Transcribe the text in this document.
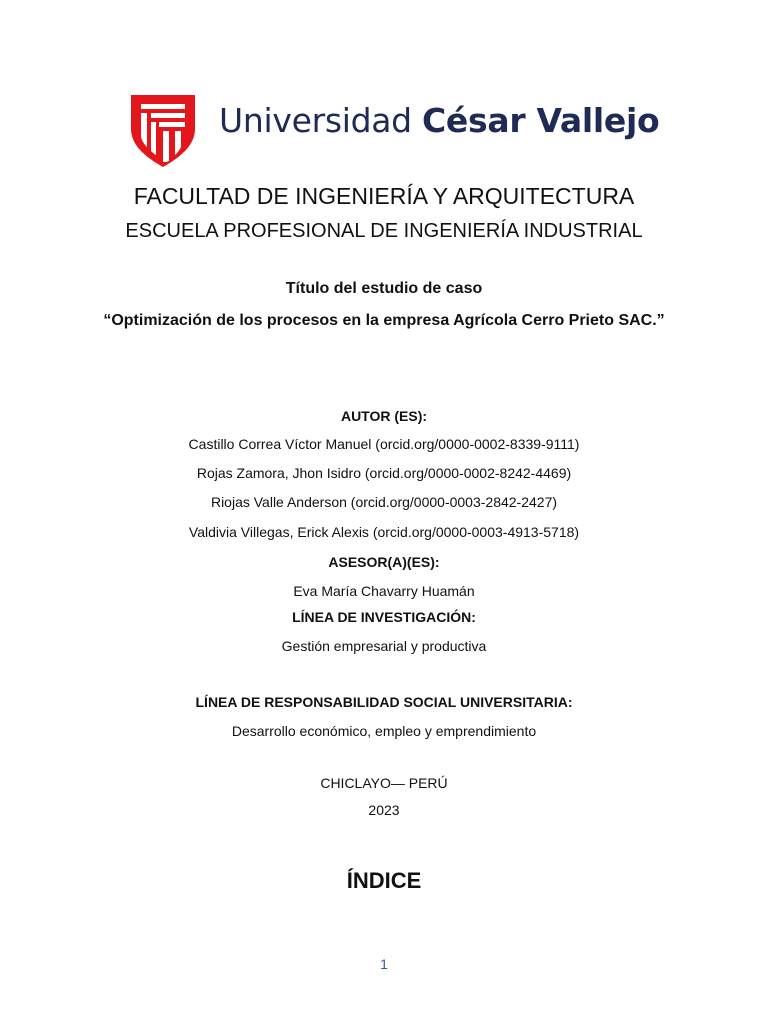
Universidad César Vallejo
FACULTAD DE INGENIERÍA Y ARQUITECTURA
ESCUELA PROFESIONAL DE INGENIERÍA INDUSTRIAL
Título del estudio de caso
“Optimización de los procesos en la empresa Agrícola Cerro Prieto SAC.”
AUTOR (ES):
Castillo Correa Víctor Manuel (orcid.org/0000-0002-8339-9111)
Rojas Zamora, Jhon Isidro (orcid.org/0000-0002-8242-4469)
Riojas Valle Anderson (orcid.org/0000-0003-2842-2427)
Valdivia Villegas, Erick Alexis (orcid.org/0000-0003-4913-5718)
ASESOR(A)(ES):
Eva María Chavarry Huamán
LÍNEA DE INVESTIGACIÓN:
Gestión empresarial y productiva
LÍNEA DE RESPONSABILIDAD SOCIAL UNIVERSITARIA:
Desarrollo económico, empleo y emprendimiento
CHICLAYO— PERÚ
2023
ÍNDICE
1
